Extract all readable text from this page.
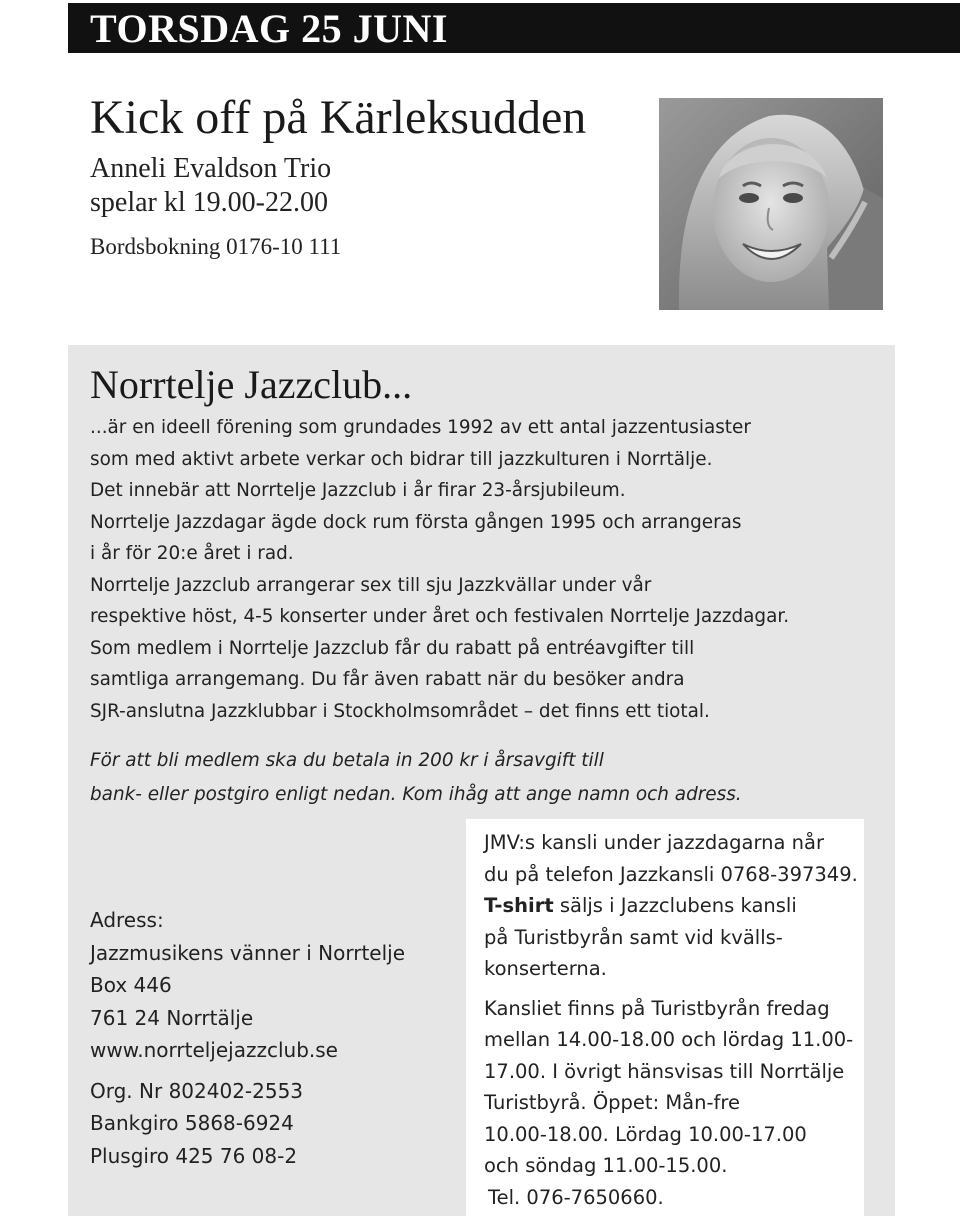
TORSDAG 25 JUNI
Kick off på Kärleksudden
Anneli Evaldson Trio
spelar kl 19.00-22.00
Bordsbokning 0176-10 111
Norrtelje Jazzclub...
...är en ideell förening som grundades 1992 av ett antal jazzentusiaster
som med aktivt arbete verkar och bidrar till jazzkulturen i Norrtälje.
Det innebär att Norrtelje Jazzclub i år firar 23-årsjubileum.
Norrtelje Jazzdagar ägde dock rum första gången 1995 och arrangeras
i år för 20:e året i rad.
Norrtelje Jazzclub arrangerar sex till sju Jazzkvällar under vår
respektive höst, 4-5 konserter under året och festivalen Norrtelje Jazzdagar.
Som medlem i Norrtelje Jazzclub får du rabatt på entréavgifter till
samtliga arrangemang. Du får även rabatt när du besöker andra
SJR-anslutna Jazzklubbar i Stockholmsområdet – det finns ett tiotal.
För att bli medlem ska du betala in 200 kr i årsavgift till
bank- eller postgiro enligt nedan. Kom ihåg att ange namn och adress.
Adress:
Jazzmusikens vänner i Norrtelje
Box 446
761 24 Norrtälje
www.norrteljejazzclub.se
Org. Nr 802402-2553
Bankgiro 5868-6924
Plusgiro 425 76 08-2
JMV:s kansli under jazzdagarna når
du på telefon Jazzkansli 0768-397349.
T-shirt säljs i Jazzclubens kansli
på Turistbyrån samt vid kvälls-
konserterna.
Kansliet finns på Turistbyrån fredag
mellan 14.00-18.00 och lördag 11.00-
17.00. I övrigt hänsvisas till Norrtälje
Turistbyrå. Öppet: Mån-fre
10.00-18.00. Lördag 10.00-17.00
och söndag 11.00-15.00.
Tel. 076-7650660.
